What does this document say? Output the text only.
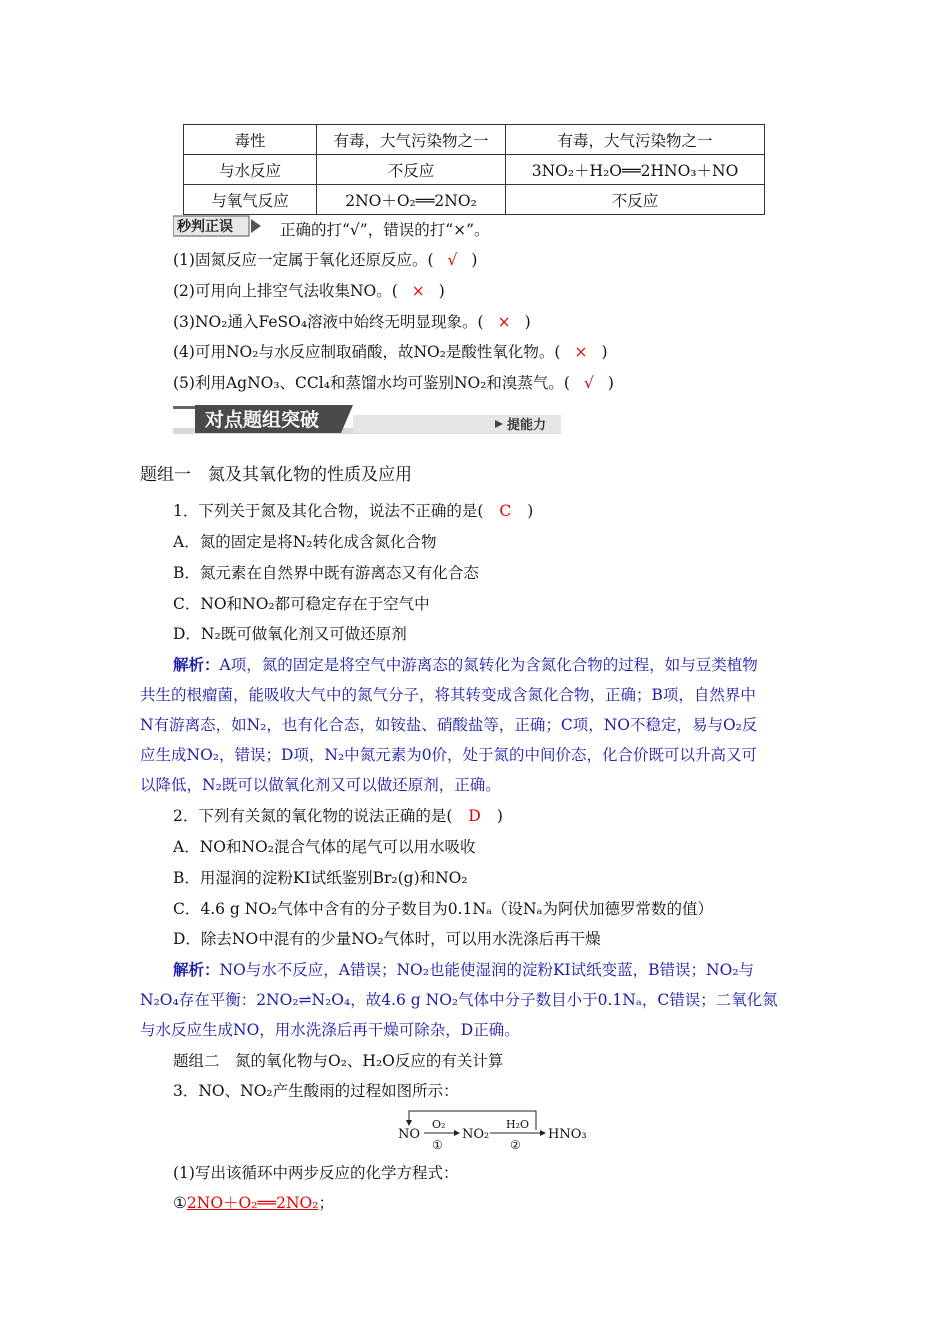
毒性	有毒，大气污染物之一	有毒，大气污染物之一
与水反应	不反应	3NO₂＋H₂O══2HNO₃＋NO
与氧气反应	2NO＋O₂══2NO₂	不反应
秒判正误	正确的打“√”，错误的打“×”。
(1)固氮反应一定属于氧化还原反应。( √ )
(2)可用向上排空气法收集NO。( × )
(3)NO₂通入FeSO₄溶液中始终无明显现象。( × )
(4)可用NO₂与水反应制取硝酸，故NO₂是酸性氧化物。( × )
(5)利用AgNO₃、CCl₄和蒸馏水均可鉴别NO₂和溴蒸气。( √ )
对点题组突破	提能力
题组一　氮及其氧化物的性质及应用
1．下列关于氮及其化合物，说法不正确的是( C )
A．氮的固定是将N₂转化成含氮化合物
B．氮元素在自然界中既有游离态又有化合态
C．NO和NO₂都可稳定存在于空气中
D．N₂既可做氧化剂又可做还原剂
解析：A项，氮的固定是将空气中游离态的氮转化为含氮化合物的过程，如与豆类植物
共生的根瘤菌，能吸收大气中的氮气分子，将其转变成含氮化合物，正确；B项，自然界中
N有游离态，如N₂，也有化合态，如铵盐、硝酸盐等，正确；C项，NO不稳定，易与O₂反
应生成NO₂，错误；D项，N₂中氮元素为0价，处于氮的中间价态，化合价既可以升高又可
以降低，N₂既可以做氧化剂又可以做还原剂，正确。
2．下列有关氮的氧化物的说法正确的是( D )
A．NO和NO₂混合气体的尾气可以用水吸收
B．用湿润的淀粉KI试纸鉴别Br₂(g)和NO₂
C．4.6 g NO₂气体中含有的分子数目为0.1Nₐ（设Nₐ为阿伏加德罗常数的值）
D．除去NO中混有的少量NO₂气体时，可以用水洗涤后再干燥
解析：NO与水不反应，A错误；NO₂也能使湿润的淀粉KI试纸变蓝，B错误；NO₂与
N₂O₄存在平衡：2NO₂⇌N₂O₄，故4.6 g NO₂气体中分子数目小于0.1Nₐ，C错误；二氧化氮
与水反应生成NO，用水洗涤后再干燥可除杂，D正确。
题组二　氮的氧化物与O₂、H₂O反应的有关计算
3．NO、NO₂产生酸雨的过程如图所示：
NO	NO₂	HNO₃
O₂
①
H₂O
②
(1)写出该循环中两步反应的化学方程式：
①2NO＋O₂══2NO₂；
